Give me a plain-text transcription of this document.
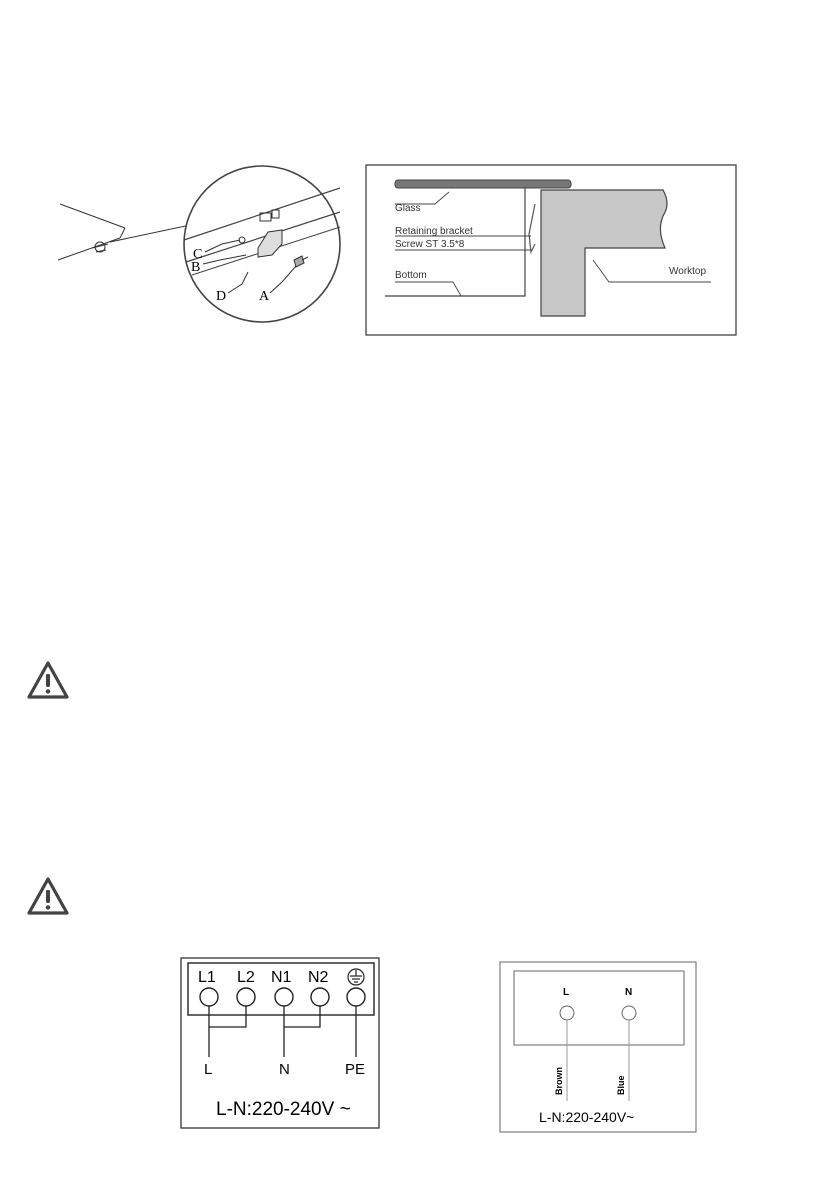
C
B
D A
Glass
Retaining bracket
Screw ST 3.5*8
Bottom	Worktop
L1 L2 N1 N2
L	N	PE
L-N:220-240V ~
L	N
Brown	Blue
L-N:220-240V~
